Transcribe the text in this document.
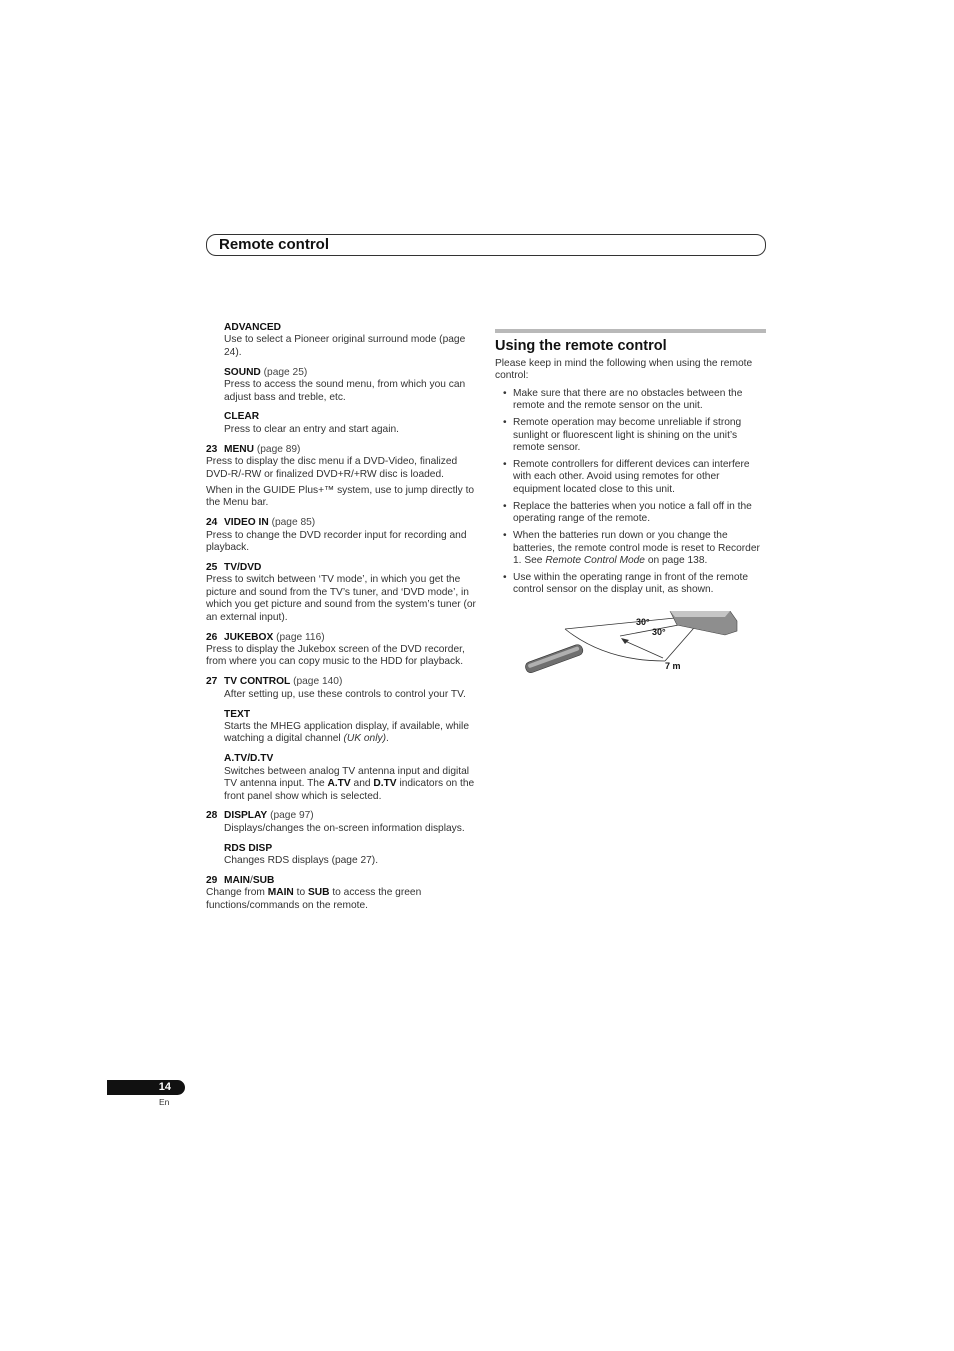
Remote control
ADVANCED
Use to select a Pioneer original surround mode (page 24).
SOUND (page 25)
Press to access the sound menu, from which you can adjust bass and treble, etc.
CLEAR
Press to clear an entry and start again.
23 MENU (page 89)
Press to display the disc menu if a DVD-Video, finalized DVD-R/-RW or finalized DVD+R/+RW disc is loaded.
When in the GUIDE Plus+™ system, use to jump directly to the Menu bar.
24 VIDEO IN (page 85)
Press to change the DVD recorder input for recording and playback.
25 TV/DVD
Press to switch between ‘TV mode’, in which you get the picture and sound from the TV’s tuner, and ‘DVD mode’, in which you get picture and sound from the system’s tuner (or an external input).
26 JUKEBOX (page 116)
Press to display the Jukebox screen of the DVD recorder, from where you can copy music to the HDD for playback.
27 TV CONTROL (page 140)
After setting up, use these controls to control your TV.
TEXT
Starts the MHEG application display, if available, while watching a digital channel (UK only).
A.TV/D.TV
Switches between analog TV antenna input and digital TV antenna input. The A.TV and D.TV indicators on the front panel show which is selected.
28 DISPLAY (page 97)
Displays/changes the on-screen information displays.
RDS DISP
Changes RDS displays (page 27).
29 MAIN/SUB
Change from MAIN to SUB to access the green functions/commands on the remote.
Using the remote control
Please keep in mind the following when using the remote control:
• Make sure that there are no obstacles between the remote and the remote sensor on the unit.
• Remote operation may become unreliable if strong sunlight or fluorescent light is shining on the unit’s remote sensor.
• Remote controllers for different devices can interfere with each other. Avoid using remotes for other equipment located close to this unit.
• Replace the batteries when you notice a fall off in the operating range of the remote.
• When the batteries run down or you change the batteries, the remote control mode is reset to Recorder 1. See Remote Control Mode on page 138.
• Use within the operating range in front of the remote control sensor on the display unit, as shown.
30°
30°
7 m
14
En
